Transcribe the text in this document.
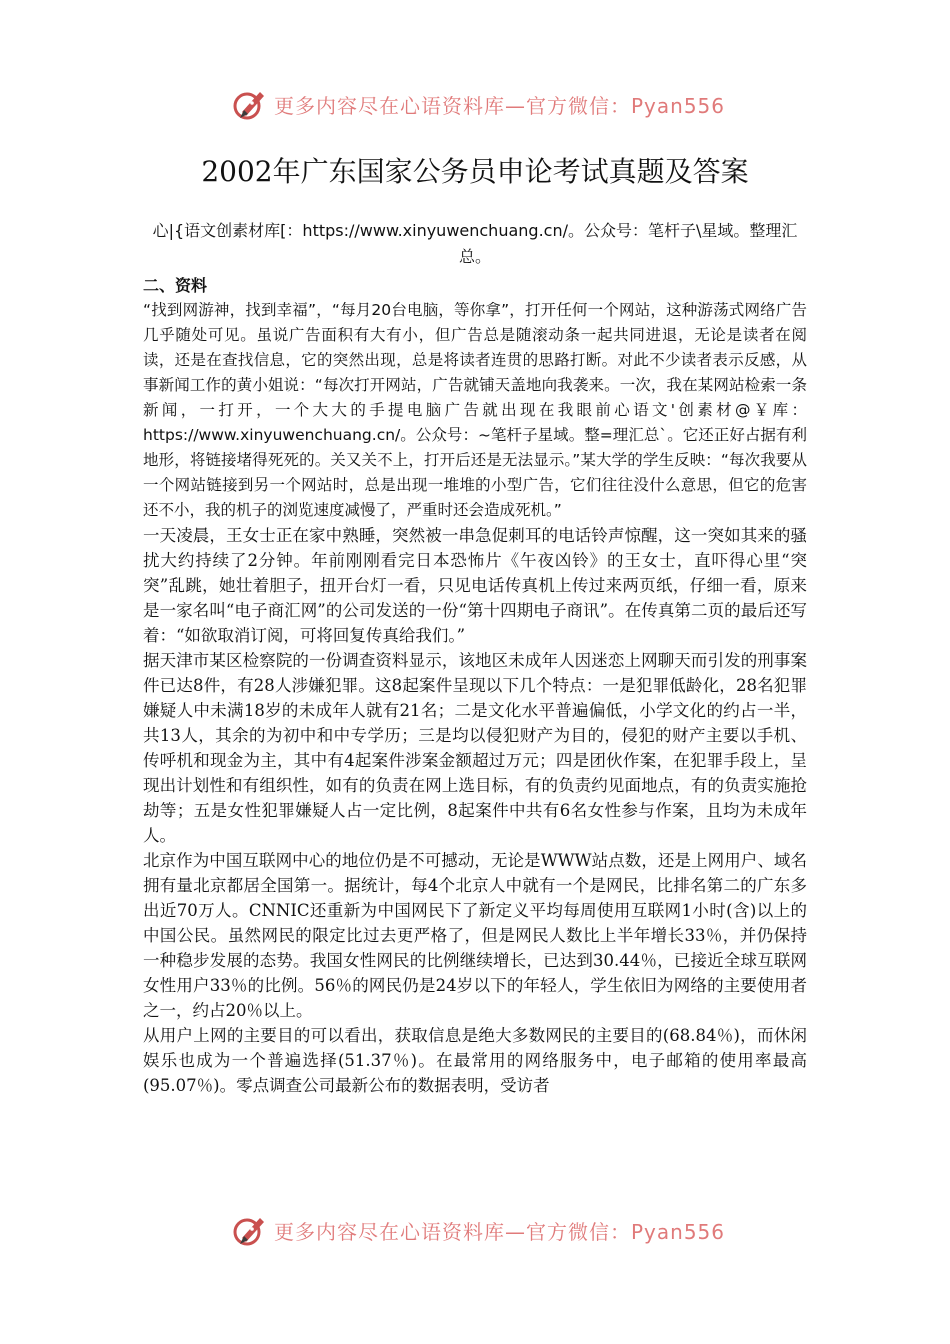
更多内容尽在心语资料库—官方微信：Pyan556
2002年广东国家公务员申论考试真题及答案

心|{语文创素材库[：https://www.xinyuwenchuang.cn/。公众号：笔杆子\星域。整理汇总。

二、资料

“找到网游神，找到幸福”，“每月20台电脑，等你拿”，打开任何一个网站，这种游荡式网络广告几乎随处可见。虽说广告面积有大有小，但广告总是随滚动条一起共同进退，无论是读者在阅读，还是在查找信息，它的突然出现，总是将读者连贯的思路打断。对此不少读者表示反感，从事新闻工作的黄小姐说：“每次打开网站，广告就铺天盖地向我袭来。一次，我在某网站检索一条新闻，一打开，一个大大的手提电脑广告就出现在我眼前心语文'创素材@￥库：https://www.xinyuwenchuang.cn/。公众号：~笔杆子星域。整=理汇总`。它还正好占据有利地形，将链接堵得死死的。关又关不上，打开后还是无法显示。”某大学的学生反映：“每次我要从一个网站链接到另一个网站时，总是出现一堆堆的小型广告，它们往往没什么意思，但它的危害还不小，我的机子的浏览速度减慢了，严重时还会造成死机。”

一天凌晨，王女士正在家中熟睡，突然被一串急促刺耳的电话铃声惊醒，这一突如其来的骚扰大约持续了2分钟。年前刚刚看完日本恐怖片《午夜凶铃》的王女士，直吓得心里“突突”乱跳，她壮着胆子，扭开台灯一看，只见电话传真机上传过来两页纸，仔细一看，原来是一家名叫“电子商汇网”的公司发送的一份“第十四期电子商讯”。在传真第二页的最后还写着：“如欲取消订阅，可将回复传真给我们。”

据天津市某区检察院的一份调查资料显示，该地区未成年人因迷恋上网聊天而引发的刑事案件已达8件，有28人涉嫌犯罪。这8起案件呈现以下几个特点：一是犯罪低龄化，28名犯罪嫌疑人中未满18岁的未成年人就有21名；二是文化水平普遍偏低，小学文化的约占一半，共13人，其余的为初中和中专学历；三是均以侵犯财产为目的，侵犯的财产主要以手机、传呼机和现金为主，其中有4起案件涉案金额超过万元；四是团伙作案，在犯罪手段上，呈现出计划性和有组织性，如有的负责在网上选目标，有的负责约见面地点，有的负责实施抢劫等；五是女性犯罪嫌疑人占一定比例，8起案件中共有6名女性参与作案，且均为未成年人。

北京作为中国互联网中心的地位仍是不可撼动，无论是WWW站点数，还是上网用户、域名拥有量北京都居全国第一。据统计，每4个北京人中就有一个是网民，比排名第二的广东多出近70万人。CNNIC还重新为中国网民下了新定义平均每周使用互联网1小时(含)以上的中国公民。虽然网民的限定比过去更严格了，但是网民人数比上半年增长33％，并仍保持一种稳步发展的态势。我国女性网民的比例继续增长，已达到30.44％，已接近全球互联网女性用户33％的比例。56％的网民仍是24岁以下的年轻人，学生依旧为网络的主要使用者之一，约占20％以上。

从用户上网的主要目的可以看出，获取信息是绝大多数网民的主要目的(68.84％)，而休闲娱乐也成为一个普遍选择(51.37％)。在最常用的网络服务中，电子邮箱的使用率最高(95.07％)。零点调查公司最新公布的数据表明，受访者

更多内容尽在心语资料库—官方微信：Pyan556
